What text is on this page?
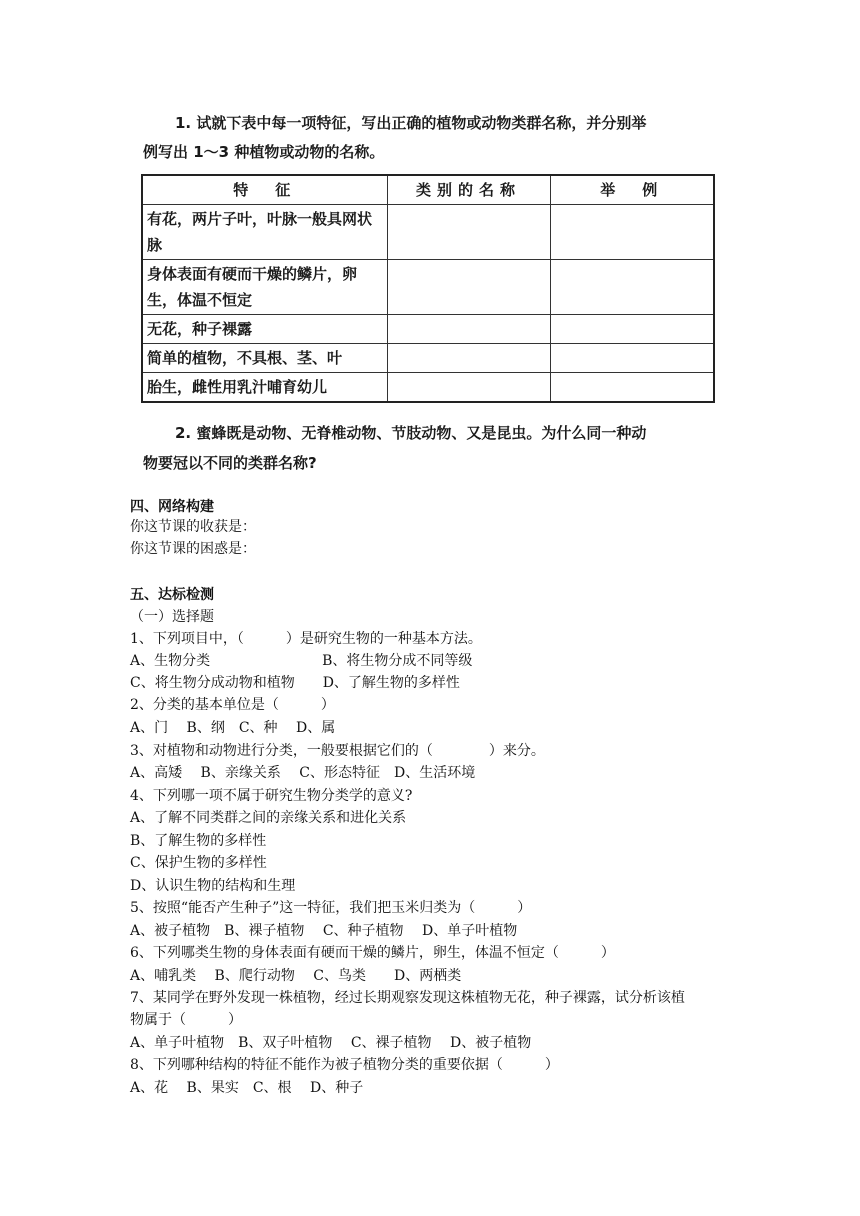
1. 试就下表中每一项特征，写出正确的植物或动物类群名称，并分别举
例写出 1～3 种植物或动物的名称。
特　征	类别的名称	举　例
有花，两片子叶，叶脉一般具网状脉		
身体表面有硬而干燥的鳞片，卵生，体温不恒定		
无花，种子裸露		
简单的植物，不具根、茎、叶		
胎生，雌性用乳汁哺育幼儿		
2. 蜜蜂既是动物、无脊椎动物、节肢动物、又是昆虫。为什么同一种动
物要冠以不同的类群名称?
四、网络构建
你这节课的收获是：
你这节课的困惑是：
五、达标检测
（一）选择题
1、下列项目中，（　　　）是研究生物的一种基本方法。
A、生物分类　　　　　　　　B、将生物分成不同等级
C、将生物分成动物和植物　　D、了解生物的多样性
2、分类的基本单位是（　　　）
A、门　 B、纲　C、种　 D、属
3、对植物和动物进行分类，一般要根据它们的（　　　　）来分。
A、高矮　 B、亲缘关系　 C、形态特征　D、生活环境
4、下列哪一项不属于研究生物分类学的意义?
A、了解不同类群之间的亲缘关系和进化关系
B、了解生物的多样性
C、保护生物的多样性
D、认识生物的结构和生理
5、按照“能否产生种子”这一特征，我们把玉米归类为（　　　）
A、被子植物　B、裸子植物　 C、种子植物　 D、单子叶植物
6、下列哪类生物的身体表面有硬而干燥的鳞片，卵生，体温不恒定（　　　）
A、哺乳类　 B、爬行动物　 C、鸟类　　D、两栖类
7、某同学在野外发现一株植物，经过长期观察发现这株植物无花，种子裸露，试分析该植
物属于（　　　）
A、单子叶植物　B、双子叶植物　 C、裸子植物　 D、被子植物
8、下列哪种结构的特征不能作为被子植物分类的重要依据（　　　）
A、花　 B、果实　C、根　 D、种子
